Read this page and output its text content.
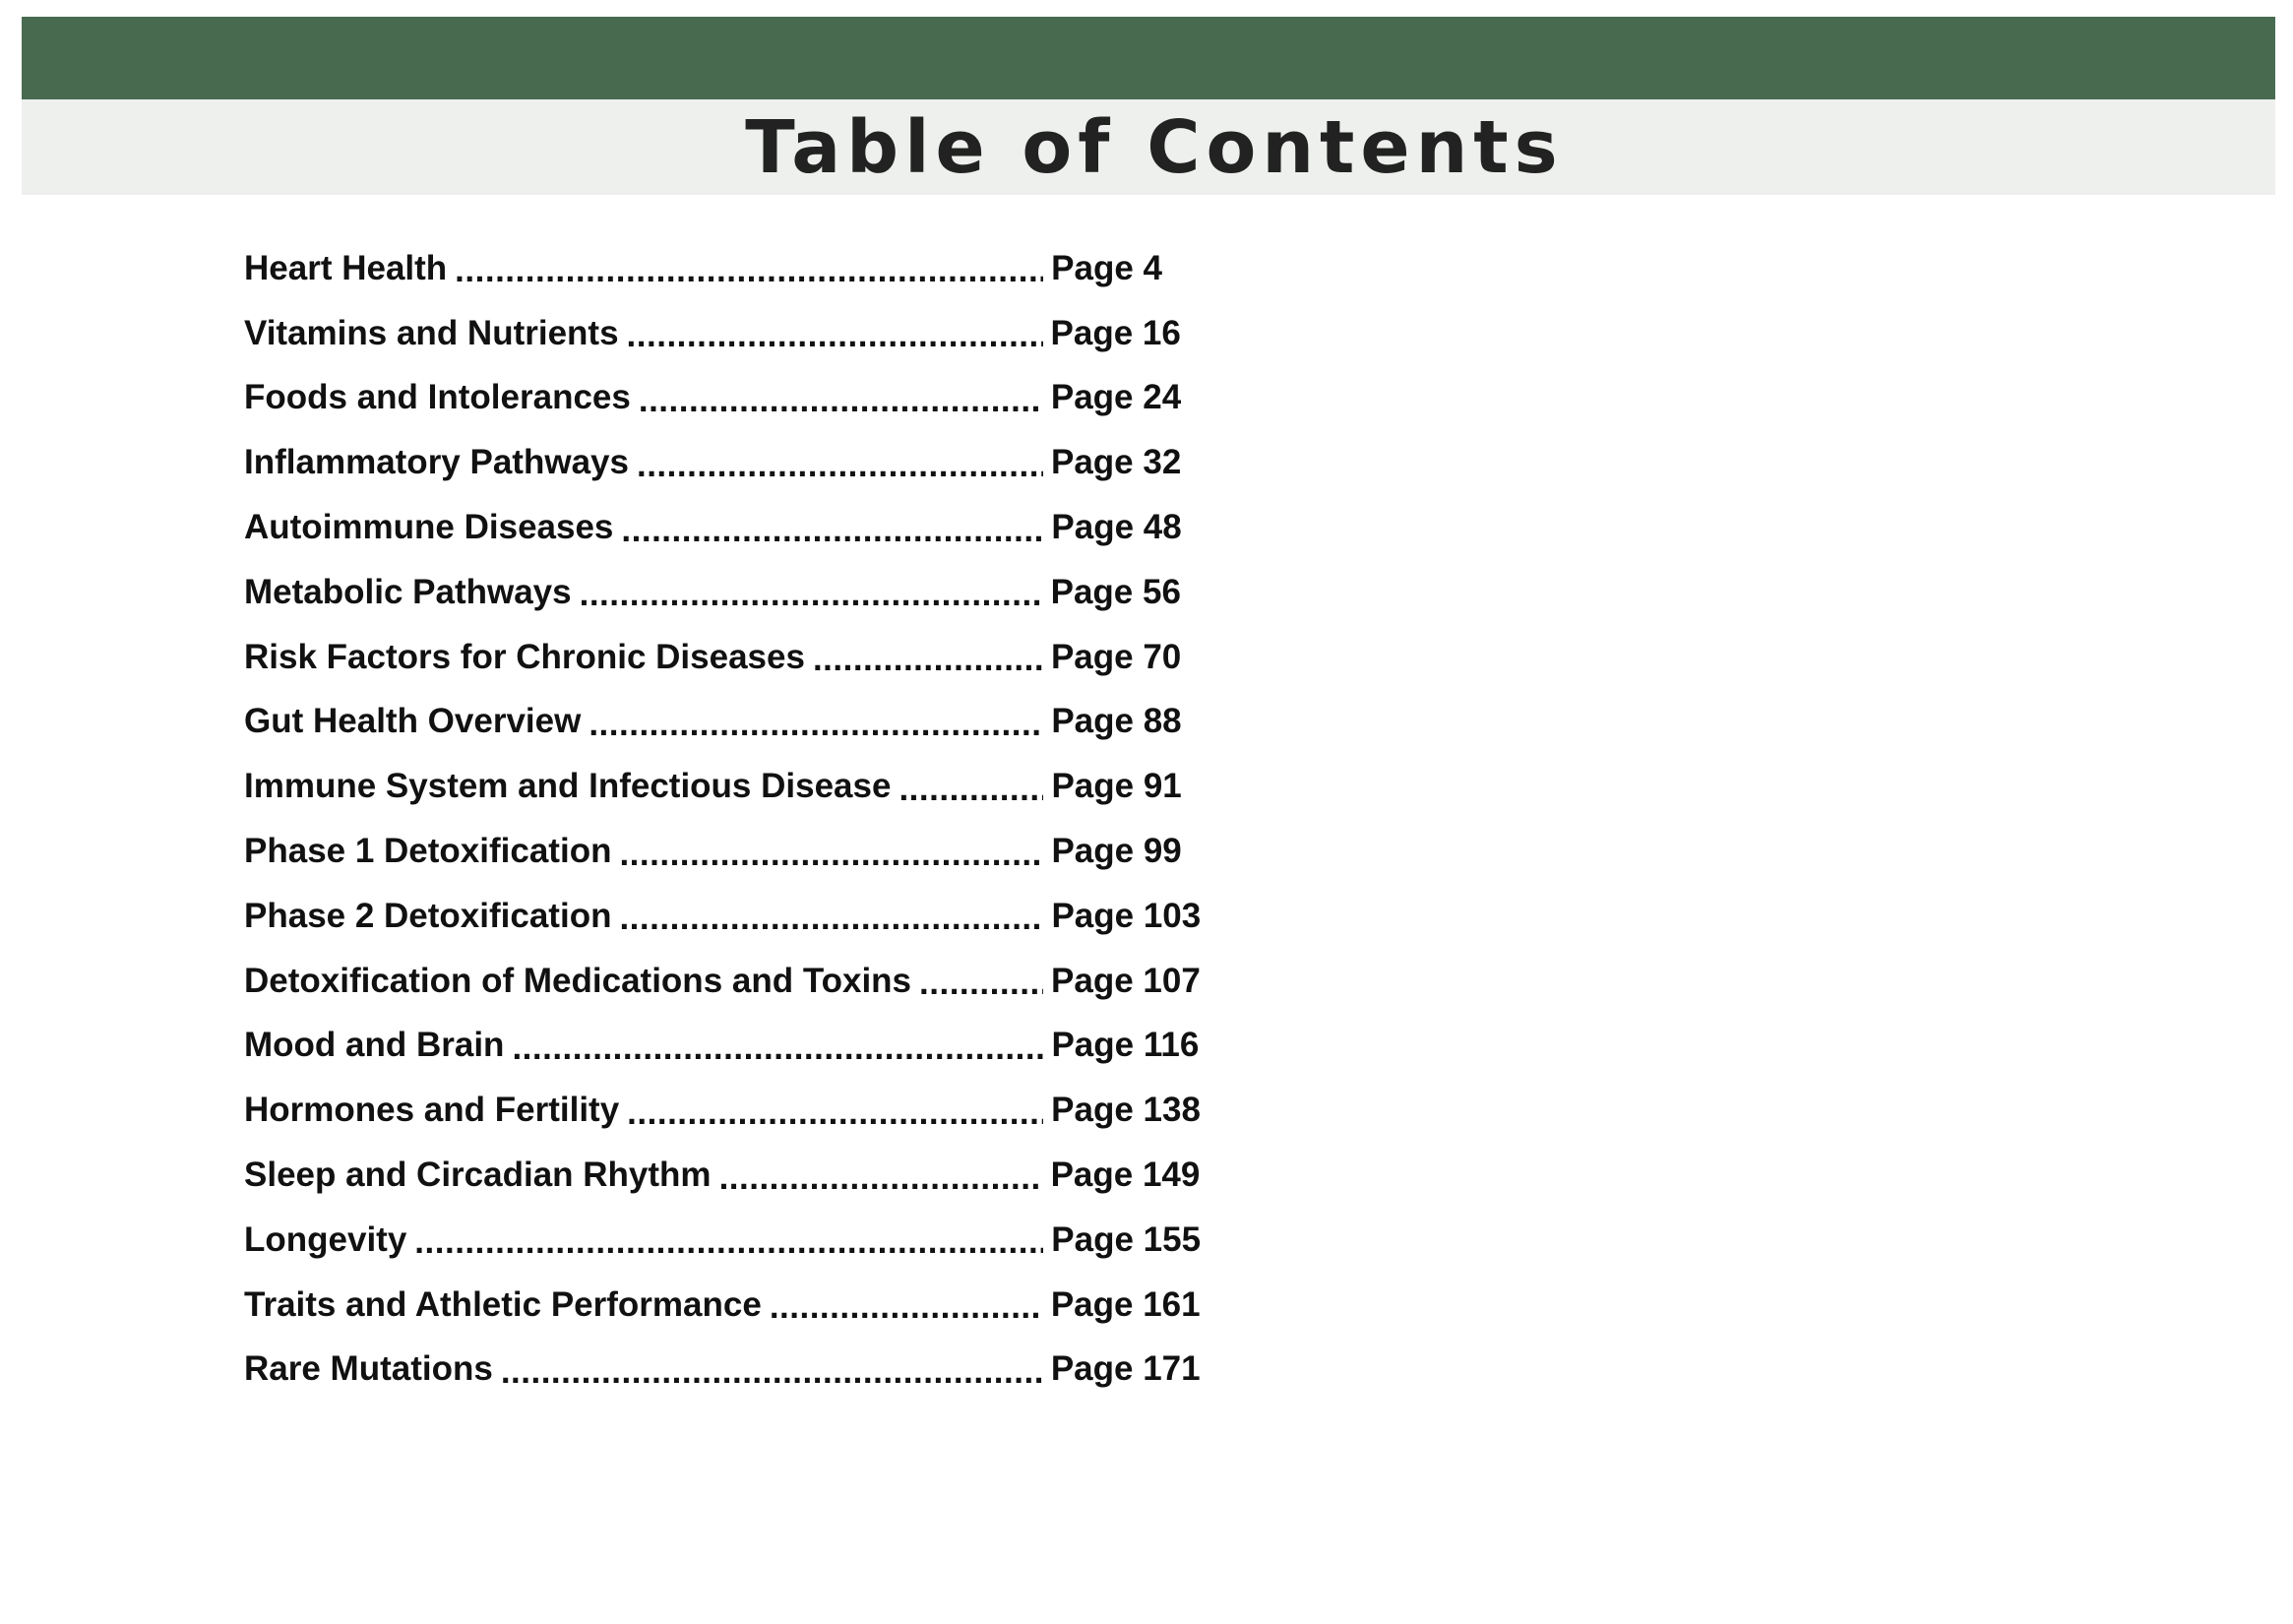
Table of Contents
Heart Health .....	Page 4
Vitamins and Nutrients .....	Page 16
Foods and Intolerances .....	Page 24
Inflammatory Pathways .....	Page 32
Autoimmune Diseases .....	Page 48
Metabolic Pathways .....	Page 56
Risk Factors for Chronic Diseases .....	Page 70
Gut Health Overview .....	Page 88
Immune System and Infectious Disease .....	Page 91
Phase 1 Detoxification .....	Page 99
Phase 2 Detoxification .....	Page 103
Detoxification of Medications and Toxins .....	Page 107
Mood and Brain .....	Page 116
Hormones and Fertility .....	Page 138
Sleep and Circadian Rhythm .....	Page 149
Longevity .....	Page 155
Traits and Athletic Performance .....	Page 161
Rare Mutations .....	Page 171
